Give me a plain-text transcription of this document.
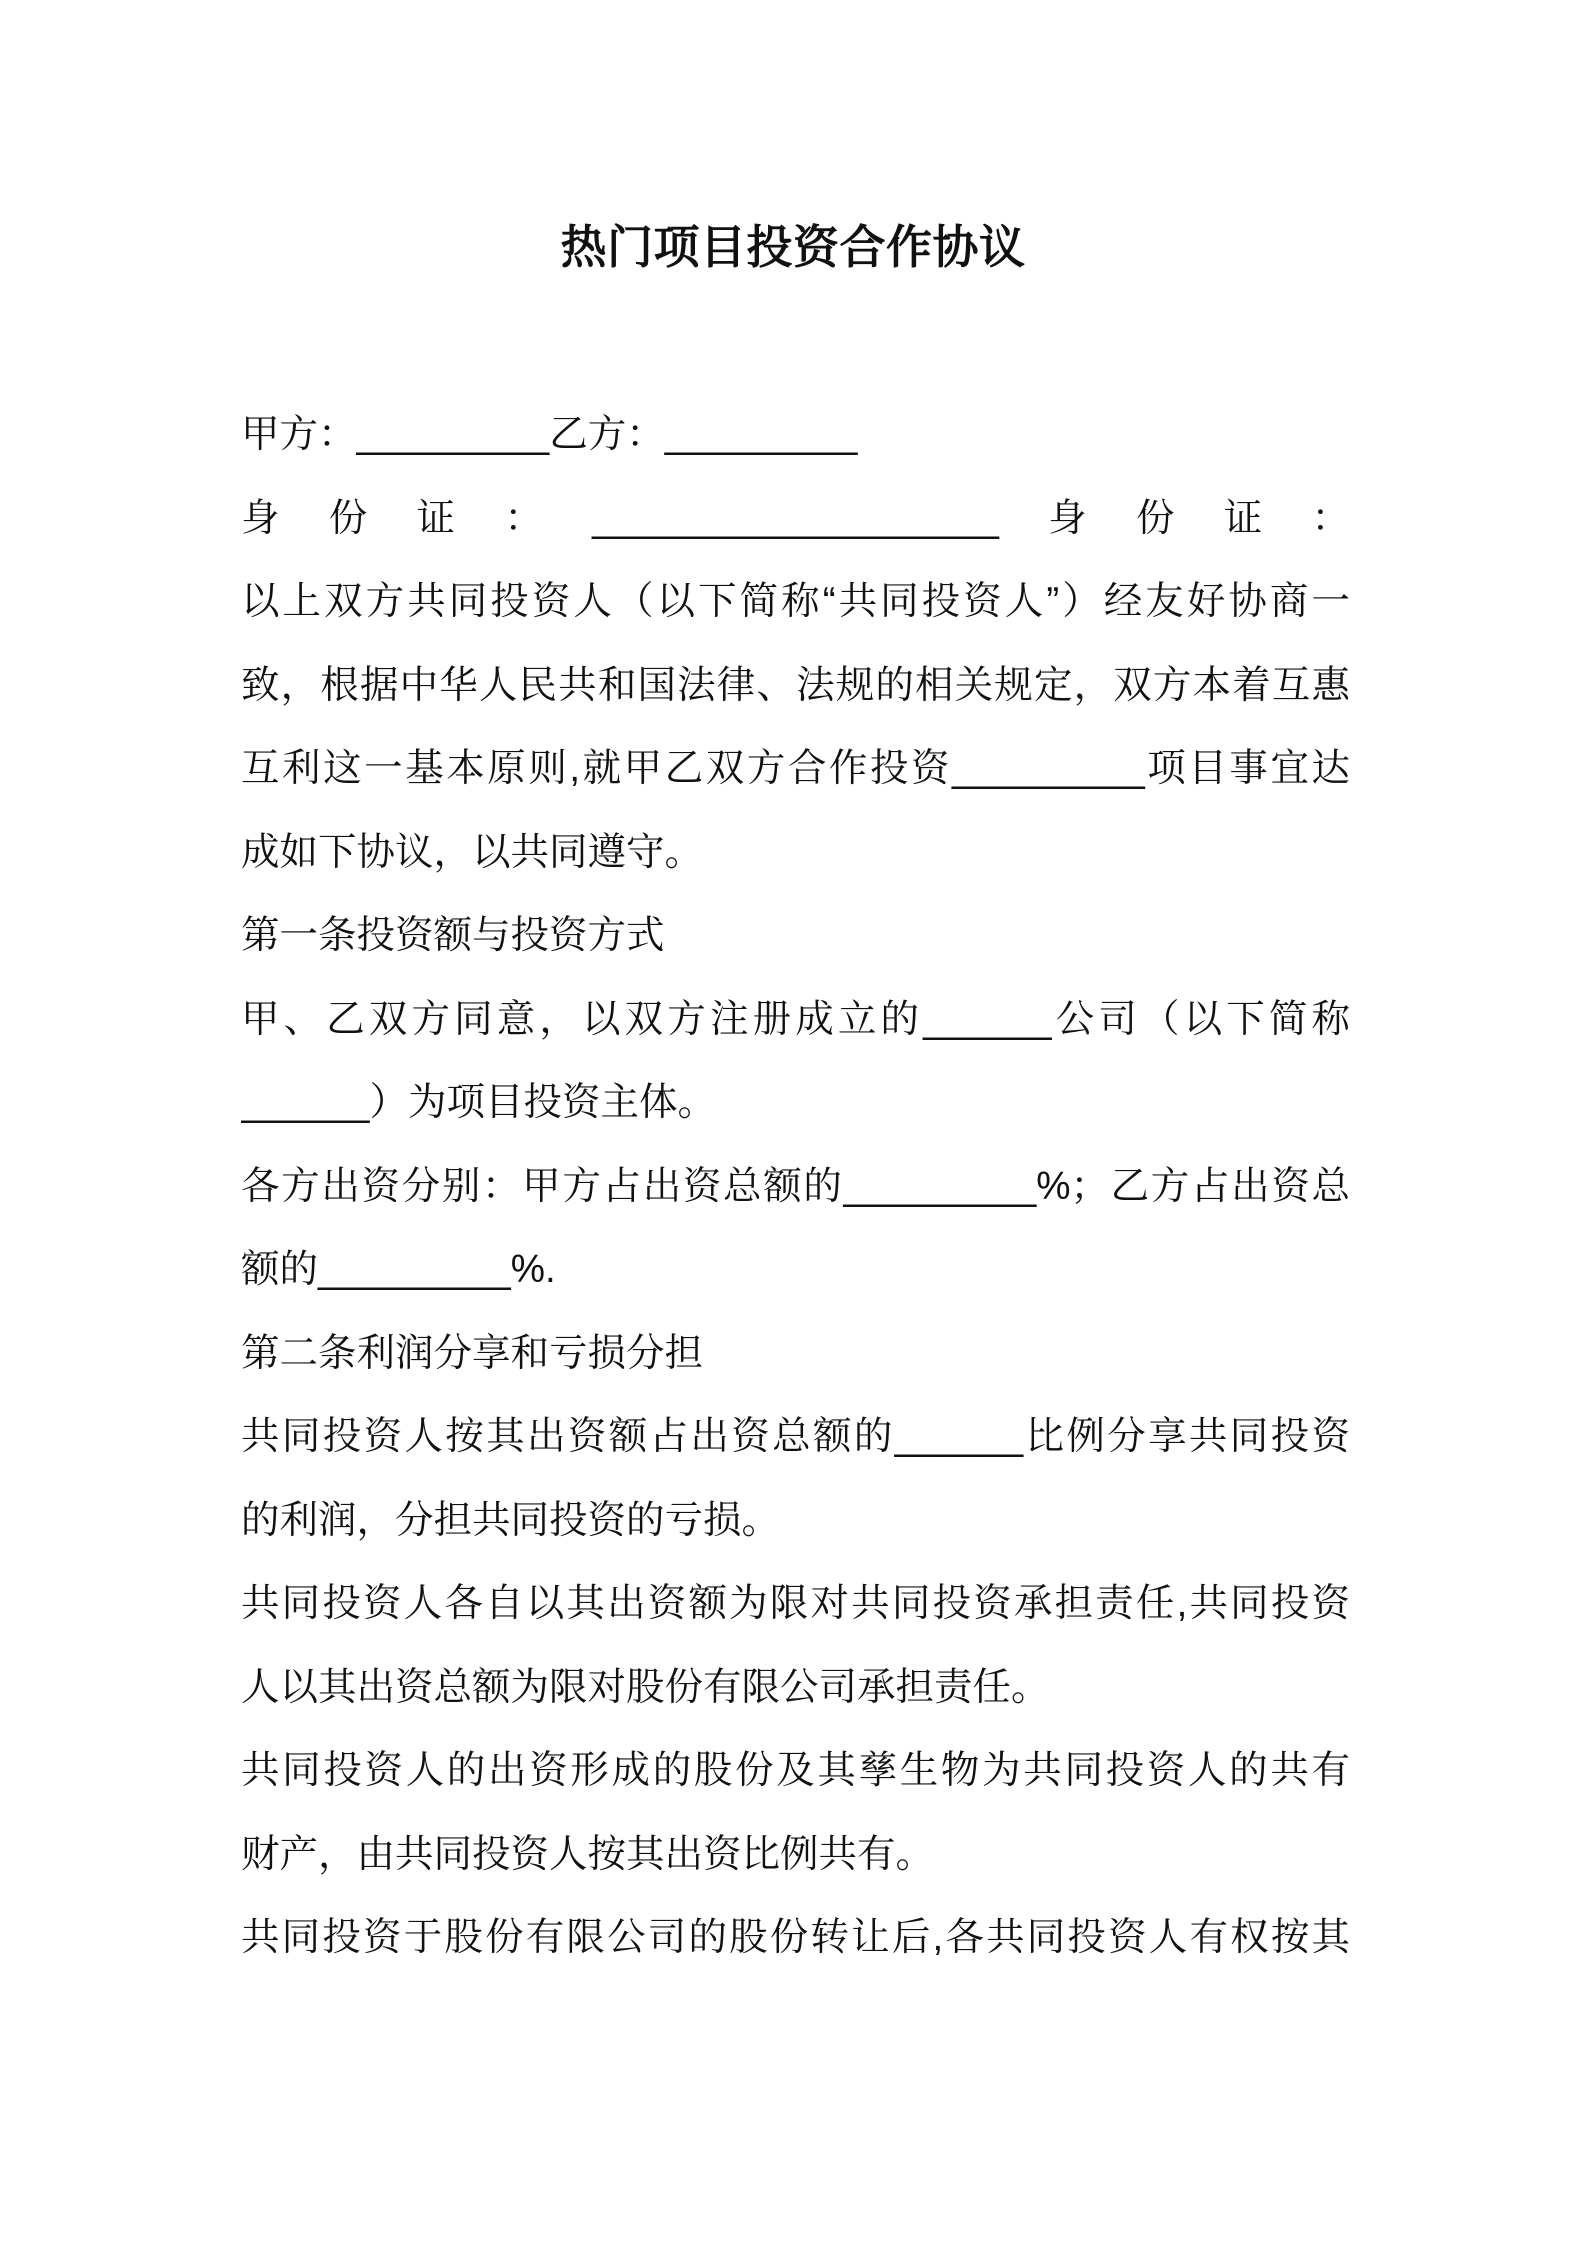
热门项目投资合作协议
甲方：_________乙方：_________
身份证：___________________身份证：
以上双方共同投资人（以下简称“共同投资人”）经友好协商一
致，根据中华人民共和国法律、法规的相关规定，双方本着互惠
互利这一基本原则,就甲乙双方合作投资_________项目事宜达
成如下协议，以共同遵守。
第一条投资额与投资方式
甲、乙双方同意，以双方注册成立的______公司（以下简称
______）为项目投资主体。
各方出资分别：甲方占出资总额的_________%；乙方占出资总
额的_________%.
第二条利润分享和亏损分担
共同投资人按其出资额占出资总额的______比例分享共同投资
的利润，分担共同投资的亏损。
共同投资人各自以其出资额为限对共同投资承担责任,共同投资
人以其出资总额为限对股份有限公司承担责任。
共同投资人的出资形成的股份及其孳生物为共同投资人的共有
财产，由共同投资人按其出资比例共有。
共同投资于股份有限公司的股份转让后,各共同投资人有权按其
